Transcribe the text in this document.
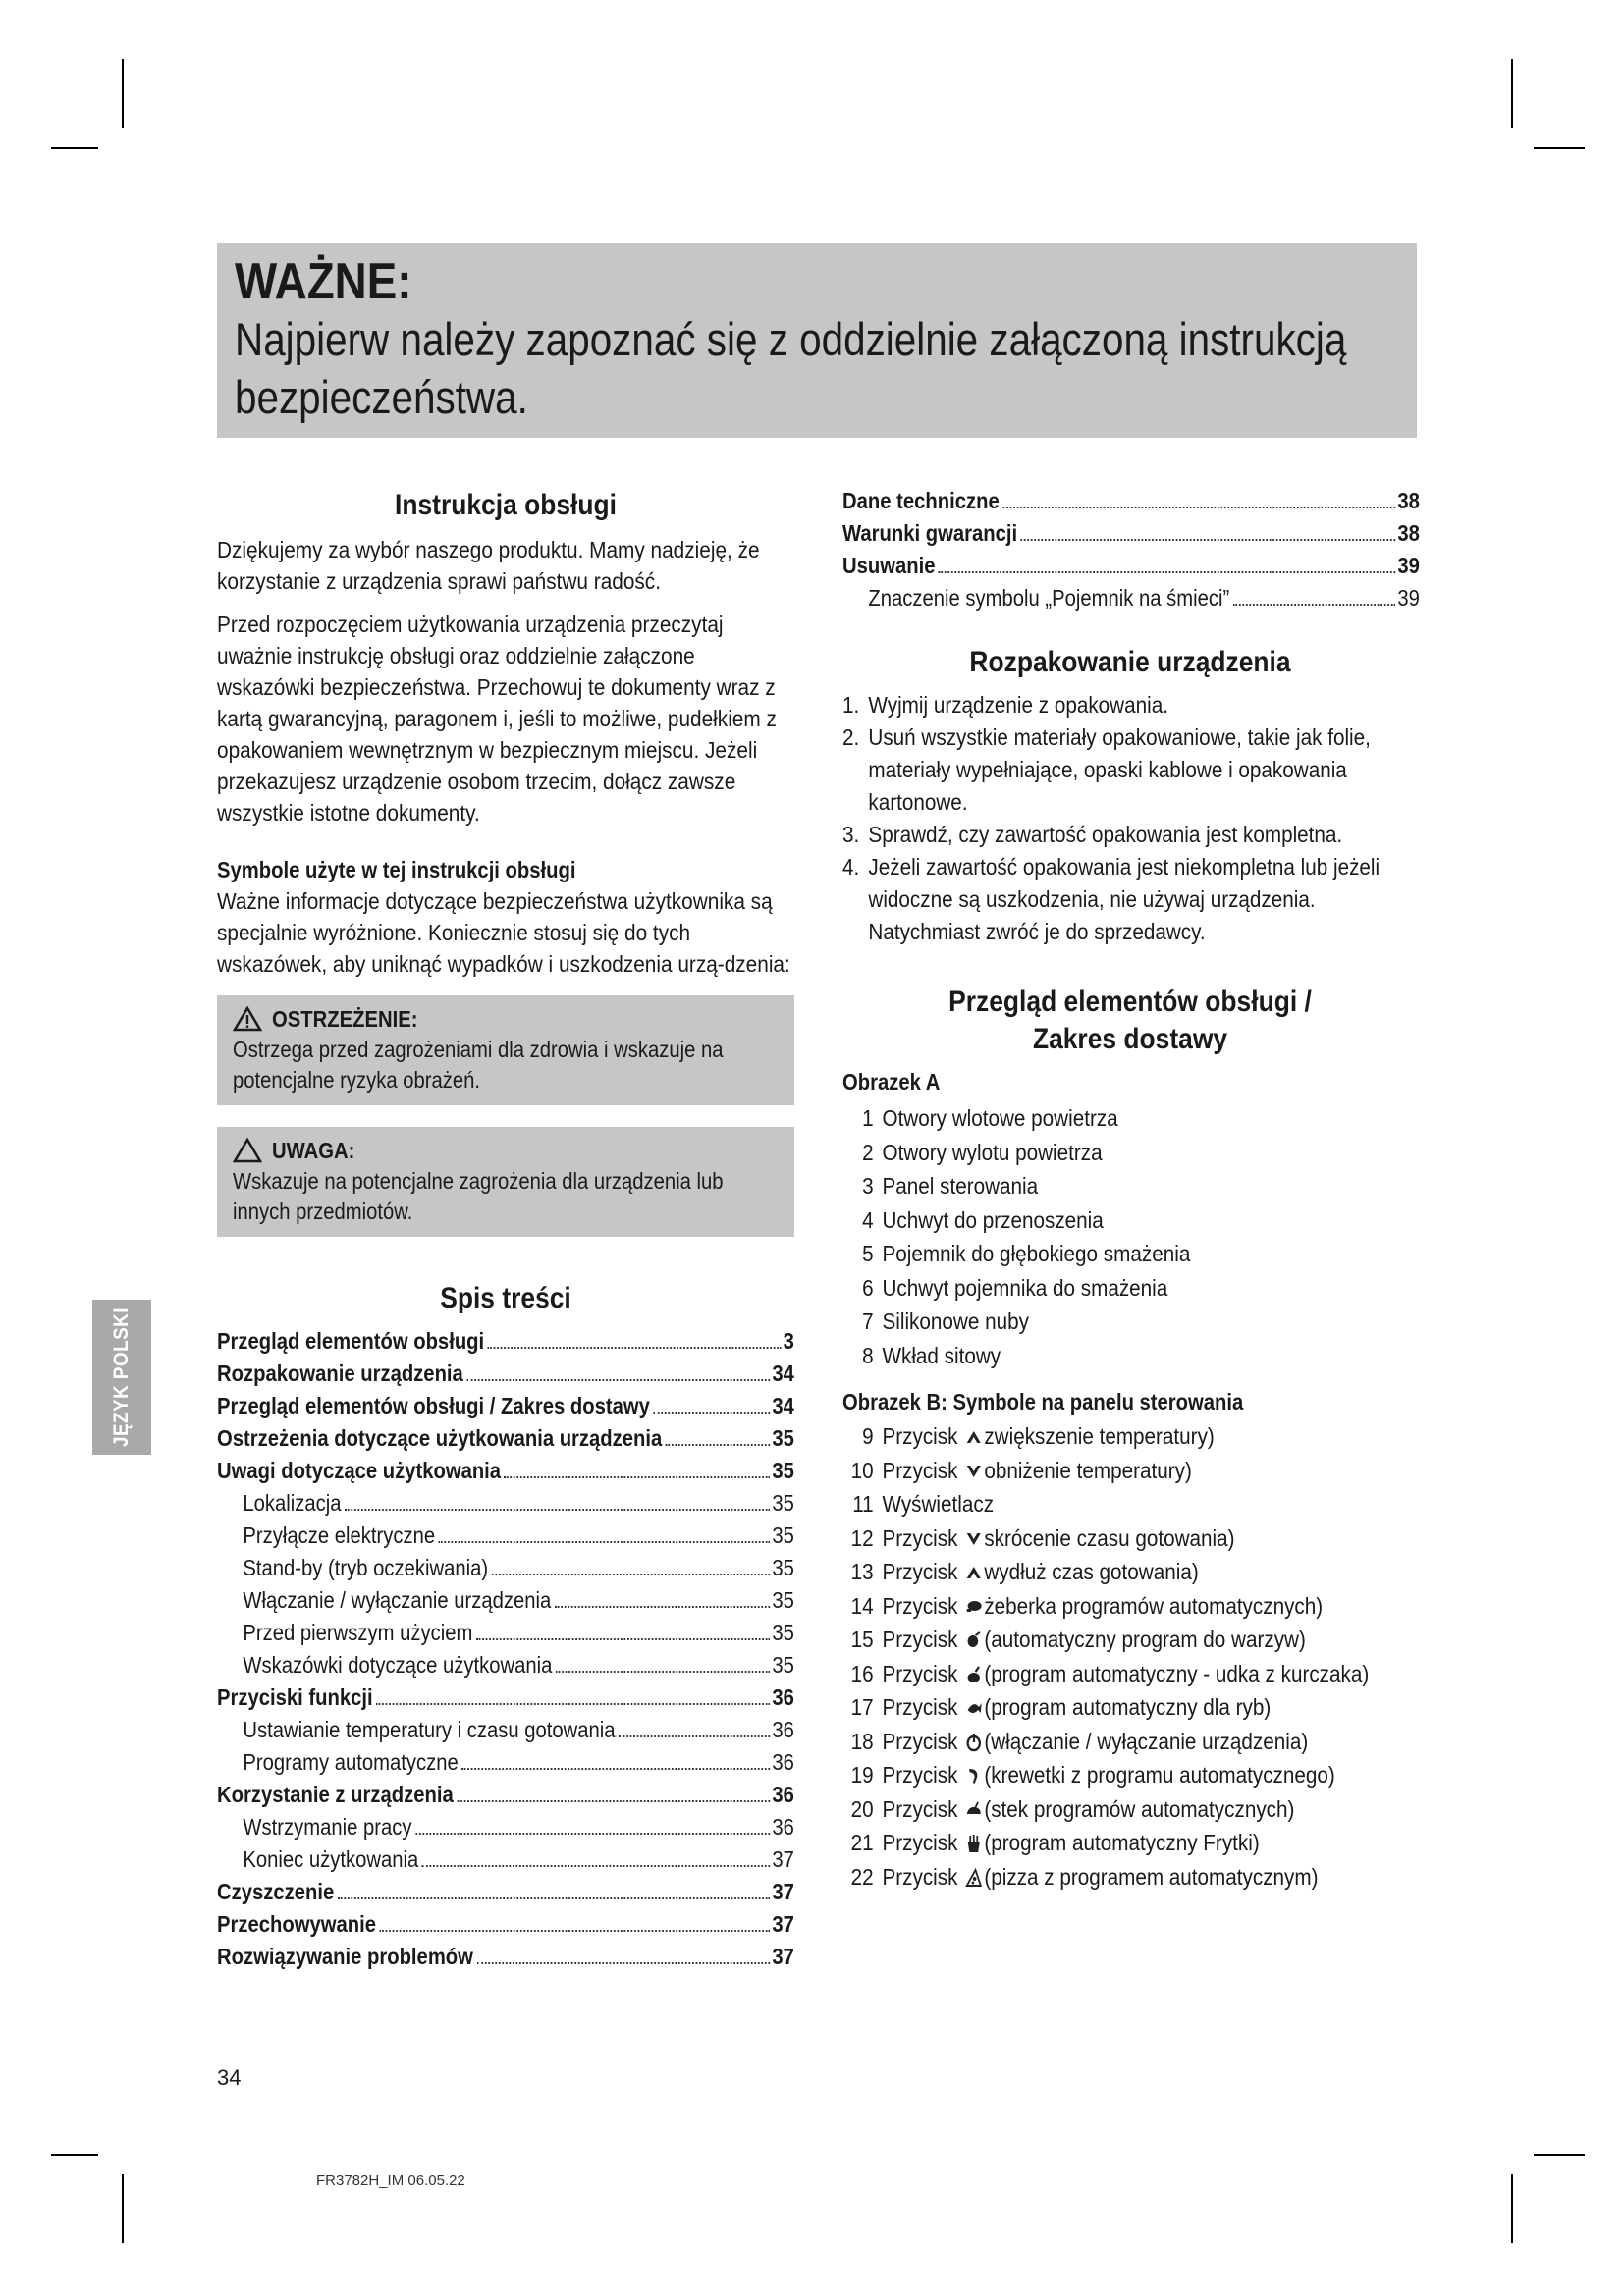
WAŻNE:
Najpierw należy zapoznać się z oddzielnie załączoną instrukcją bezpieczeństwa.
JĘZYK POLSKI
Instrukcja obsługi

Dziękujemy za wybór naszego produktu. Mamy nadzieję, że korzystanie z urządzenia sprawi państwu radość.

Przed rozpoczęciem użytkowania urządzenia przeczytaj uważnie instrukcję obsługi oraz oddzielnie załączone wskazówki bezpieczeństwa. Przechowuj te dokumenty wraz z kartą gwarancyjną, paragonem i, jeśli to możliwe, pudełkiem z opakowaniem wewnętrznym w bezpiecznym miejscu. Jeżeli przekazujesz urządzenie osobom trzecim, dołącz zawsze wszystkie istotne dokumenty.

Symbole użyte w tej instrukcji obsługi

Ważne informacje dotyczące bezpieczeństwa użytkownika są specjalnie wyróżnione. Koniecznie stosuj się do tych wskazówek, aby uniknąć wypadków i uszkodzenia urzą-dzenia:

OSTRZEŻENIE:
Ostrzega przed zagrożeniami dla zdrowia i wskazuje na potencjalne ryzyka obrażeń.
UWAGA:
Wskazuje na potencjalne zagrożenia dla urządzenia lub innych przedmiotów.
Spis treści
Przegląd elementów obsługi	3
Rozpakowanie urządzenia	34
Przegląd elementów obsługi / Zakres dostawy	34
Ostrzeżenia dotyczące użytkowania urządzenia	35
Uwagi dotyczące użytkowania	35
Lokalizacja	35
Przyłącze elektryczne	35
Stand-by (tryb oczekiwania)	35
Włączanie / wyłączanie urządzenia	35
Przed pierwszym użyciem	35
Wskazówki dotyczące użytkowania	35
Przyciski funkcji	36
Ustawianie temperatury i czasu gotowania	36
Programy automatyczne	36
Korzystanie z urządzenia	36
Wstrzymanie pracy	36
Koniec użytkowania	37
Czyszczenie	37
Przechowywanie	37
Rozwiązywanie problemów	37
Dane techniczne	38
Warunki gwarancji	38
Usuwanie	39
Znaczenie symbolu „Pojemnik na śmieci”	39
Rozpakowanie urządzenia
1. Wyjmij urządzenie z opakowania.
2. Usuń wszystkie materiały opakowaniowe, takie jak folie, materiały wypełniające, opaski kablowe i opakowania kartonowe.
3. Sprawdź, czy zawartość opakowania jest kompletna.
4. Jeżeli zawartość opakowania jest niekompletna lub jeżeli widoczne są uszkodzenia, nie używaj urządzenia. Natychmiast zwróć je do sprzedawcy.
Przegląd elementów obsługi /
Zakres dostawy
Obrazek A
1 Otwory wlotowe powietrza
2 Otwory wylotu powietrza
3 Panel sterowania
4 Uchwyt do przenoszenia
5 Pojemnik do głębokiego smażenia
6 Uchwyt pojemnika do smażenia
7 Silikonowe nuby
8 Wkład sitowy
Obrazek B: Symbole na panelu sterowania
9 Przycisk zwiększenie temperatury)
10 Przycisk obniżenie temperatury)
11 Wyświetlacz
12 Przycisk skrócenie czasu gotowania)
13 Przycisk wydłuż czas gotowania)
14 Przycisk żeberka programów automatycznych)
15 Przycisk (automatyczny program do warzyw)
16 Przycisk (program automatyczny - udka z kurczaka)
17 Przycisk (program automatyczny dla ryb)
18 Przycisk (włączanie / wyłączanie urządzenia)
19 Przycisk (krewetki z programu automatycznego)
20 Przycisk (stek programów automatycznych)
21 Przycisk (program automatyczny Frytki)
22 Przycisk (pizza z programem automatycznym)
34
FR3782H_IM 06.05.22
